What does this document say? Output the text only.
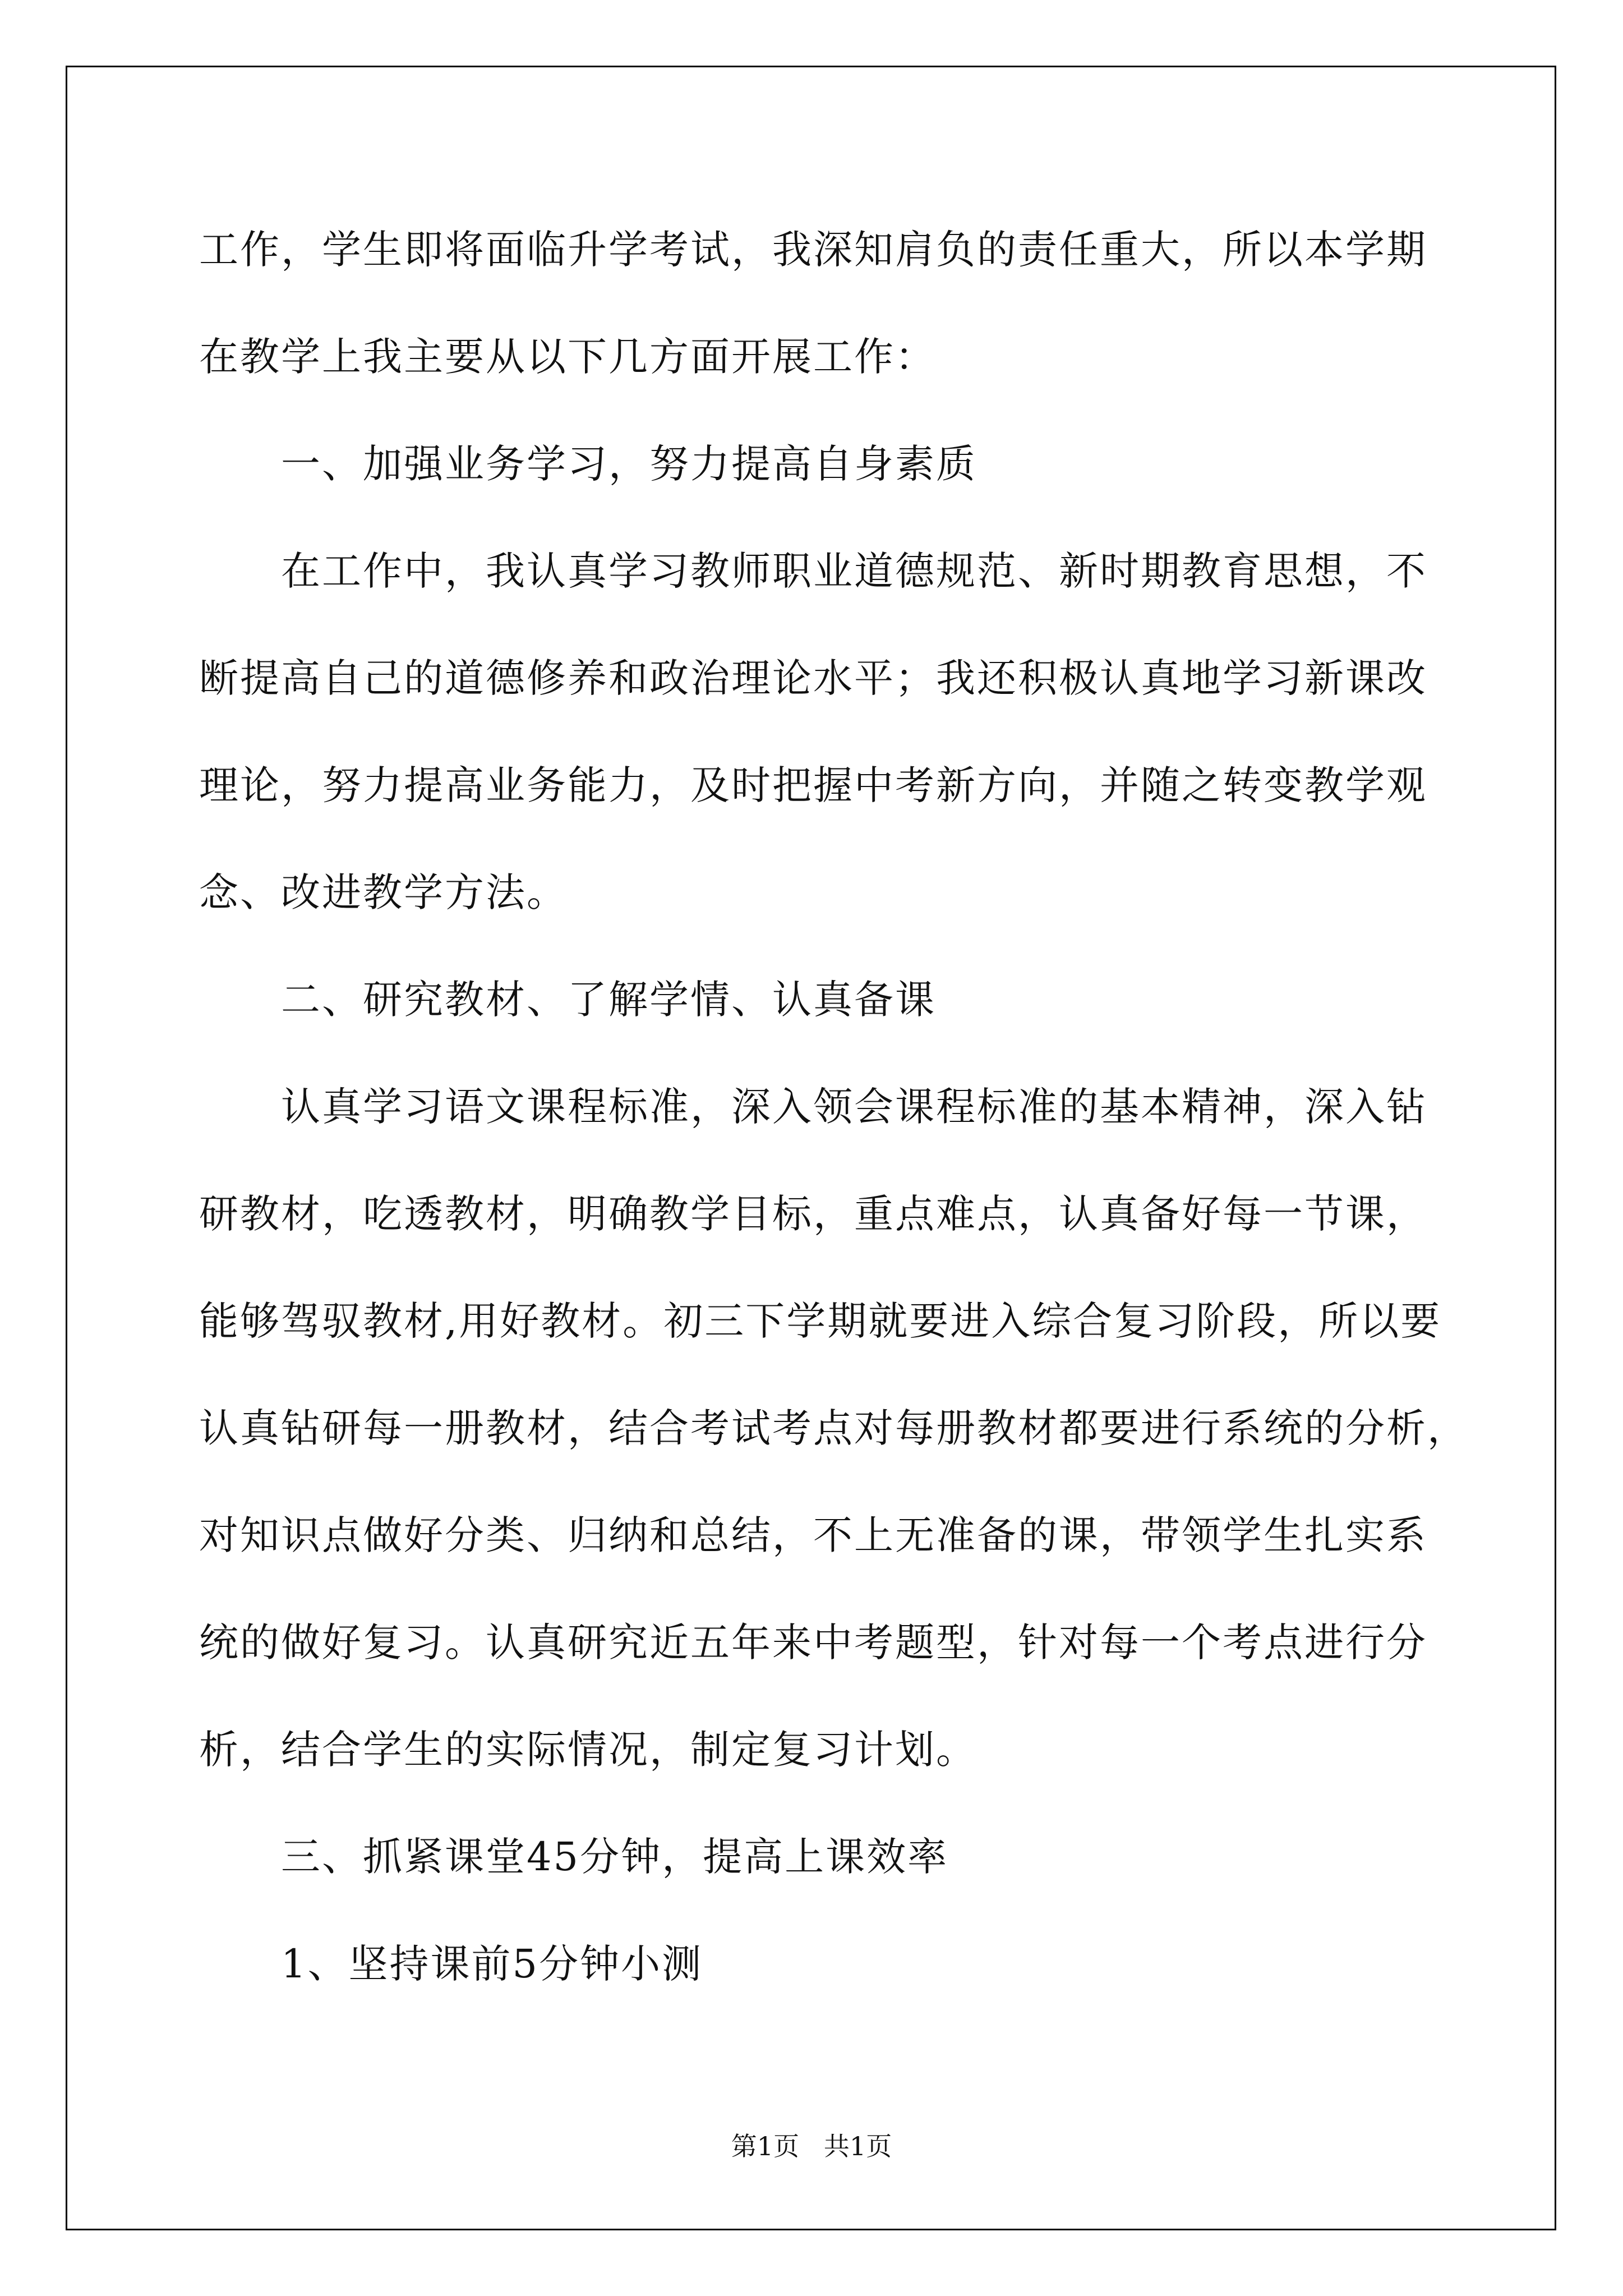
工作，学生即将面临升学考试，我深知肩负的责任重大，所以本学期
在教学上我主要从以下几方面开展工作：
一、加强业务学习，努力提高自身素质
在工作中，我认真学习教师职业道德规范、新时期教育思想，不
断提高自己的道德修养和政治理论水平；我还积极认真地学习新课改
理论，努力提高业务能力，及时把握中考新方向，并随之转变教学观
念、改进教学方法。
二、研究教材、了解学情、认真备课
认真学习语文课程标准，深入领会课程标准的基本精神，深入钻
研教材，吃透教材，明确教学目标，重点难点，认真备好每一节课，
能够驾驭教材,用好教材。初三下学期就要进入综合复习阶段，所以要
认真钻研每一册教材，结合考试考点对每册教材都要进行系统的分析，
对知识点做好分类、归纳和总结，不上无准备的课，带领学生扎实系
统的做好复习。认真研究近五年来中考题型，针对每一个考点进行分
析，结合学生的实际情况，制定复习计划。
三、抓紧课堂45分钟，提高上课效率
1、坚持课前5分钟小测
第1页   共1页
